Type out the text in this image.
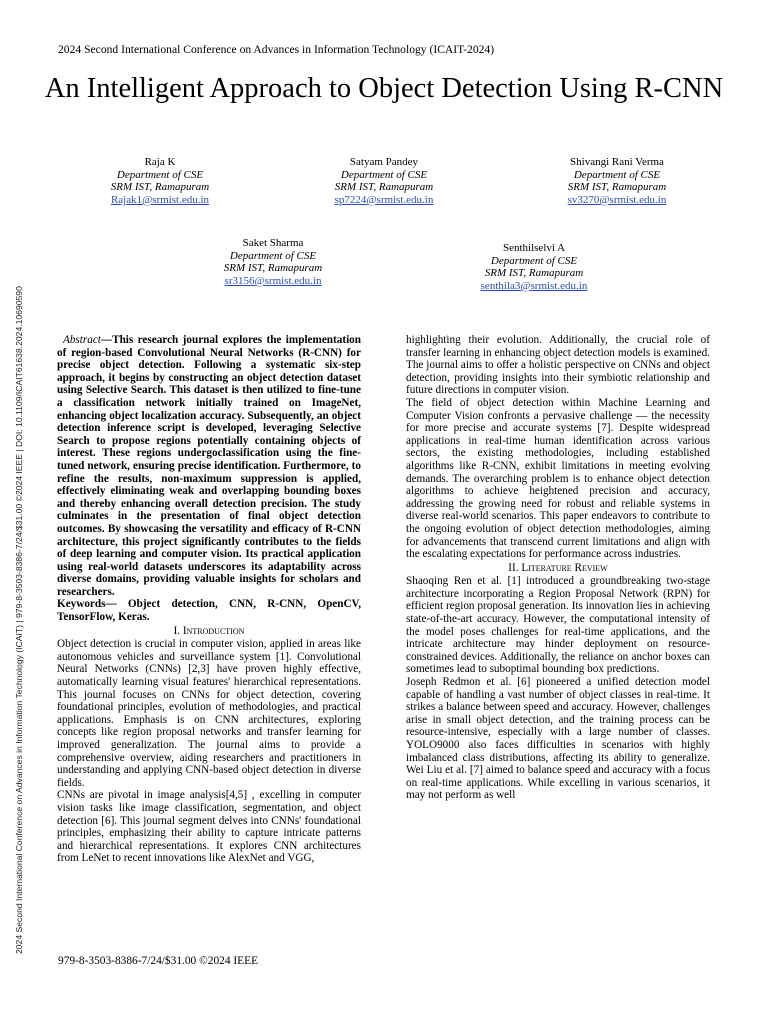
2024 Second International Conference on Advances in Information Technology (ICAIT-2024)
An Intelligent Approach to Object Detection Using R-CNN
Raja K
Department of CSE
SRM IST, Ramapuram
Rajak1@srmist.edu.in
Satyam Pandey
Department of CSE
SRM IST, Ramapuram
sp7224@srmist.edu.in
Shivangi Rani Verma
Department of CSE
SRM IST, Ramapuram
sv3270@srmist.edu.in
Saket Sharma
Department of CSE
SRM IST, Ramapuram
sr3156@srmist.edu.in
Senthilselvi A
Department of CSE
SRM IST, Ramapuram
senthila3@srmist.edu.in
2024 Second International Conference on Advances in Information Technology (ICAIT) | 979-8-3503-8386-7/24/$31.00 ©2024 IEEE | DOI: 10.1109/ICAIT61638.2024.10690590	Abstract—This research journal explores the implementation of region-based Convolutional Neural Networks (R-CNN) for precise object detection. Following a systematic six-step approach, it begins by constructing an object detection dataset using Selective Search. This dataset is then utilized to fine-tune a classification network initially trained on ImageNet, enhancing object localization accuracy. Subsequently, an object detection inference script is developed, leveraging Selective Search to propose regions potentially containing objects of interest. These regions undergoclassification using the fine-tuned network, ensuring precise identification. Furthermore, to refine the results, non-maximum suppression is applied, effectively eliminating weak and overlapping bounding boxes and thereby enhancing overall detection precision. The study culminates in the presentation of final object detection outcomes. By showcasing the versatility and efficacy of R-CNN architecture, this project significantly contributes to the fields of deep learning and computer vision. Its practical application using real-world datasets underscores its adaptability across diverse domains, providing valuable insights for scholars and researchers.

Keywords— Object detection, CNN, R-CNN, OpenCV, TensorFlow, Keras.

I. Introduction

Object detection is crucial in computer vision, applied in areas like autonomous vehicles and surveillance system [1]. Convolutional Neural Networks (CNNs) [2,3] have proven highly effective, automatically learning visual features' hierarchical representations. This journal focuses on CNNs for object detection, covering foundational principles, evolution of methodologies, and practical applications. Emphasis is on CNN architectures, exploring concepts like region proposal networks and transfer learning for improved generalization. The journal aims to provide a comprehensive overview, aiding researchers and practitioners in understanding and applying CNN-based object detection in diverse fields.

CNNs are pivotal in image analysis[4,5] , excelling in computer vision tasks like image classification, segmentation, and object detection [6]. This journal segment delves into CNNs' foundational principles, emphasizing their ability to capture intricate patterns and hierarchical representations. It explores CNN architectures from LeNet to recent innovations like AlexNet and VGG,

highlighting their evolution. Additionally, the crucial role of transfer learning in enhancing object detection models is examined. The journal aims to offer a holistic perspective on CNNs and object detection, providing insights into their symbiotic relationship and future directions in computer vision.

The field of object detection within Machine Learning and Computer Vision confronts a pervasive challenge — the necessity for more precise and accurate systems [7]. Despite widespread applications in real-time human identification across various sectors, the existing methodologies, including established algorithms like R-CNN, exhibit limitations in meeting evolving demands. The overarching problem is to enhance object detection algorithms to achieve heightened precision and accuracy, addressing the growing need for robust and reliable systems in diverse real-world scenarios. This paper endeavors to contribute to the ongoing evolution of object detection methodologies, aiming for advancements that transcend current limitations and align with the escalating expectations for performance across industries.

II. Literature Review

Shaoqing Ren et al. [1] introduced a groundbreaking two-stage architecture incorporating a Region Proposal Network (RPN) for efficient region proposal generation. Its innovation lies in achieving state-of-the-art accuracy. However, the computational intensity of the model poses challenges for real-time applications, and the intricate architecture may hinder deployment on resource-constrained devices. Additionally, the reliance on anchor boxes can sometimes lead to suboptimal bounding box predictions.

Joseph Redmon et al. [6] pioneered a unified detection model capable of handling a vast number of object classes in real-time. It strikes a balance between speed and accuracy. However, challenges arise in small object detection, and the training process can be resource-intensive, especially with a large number of classes. YOLO9000 also faces difficulties in scenarios with highly imbalanced class distributions, affecting its ability to generalize. Wei Liu et al. [7] aimed to balance speed and accuracy with a focus on real-time applications. While excelling in various scenarios, it may not perform as well

979-8-3503-8386-7/24/$31.00 ©2024 IEEE
